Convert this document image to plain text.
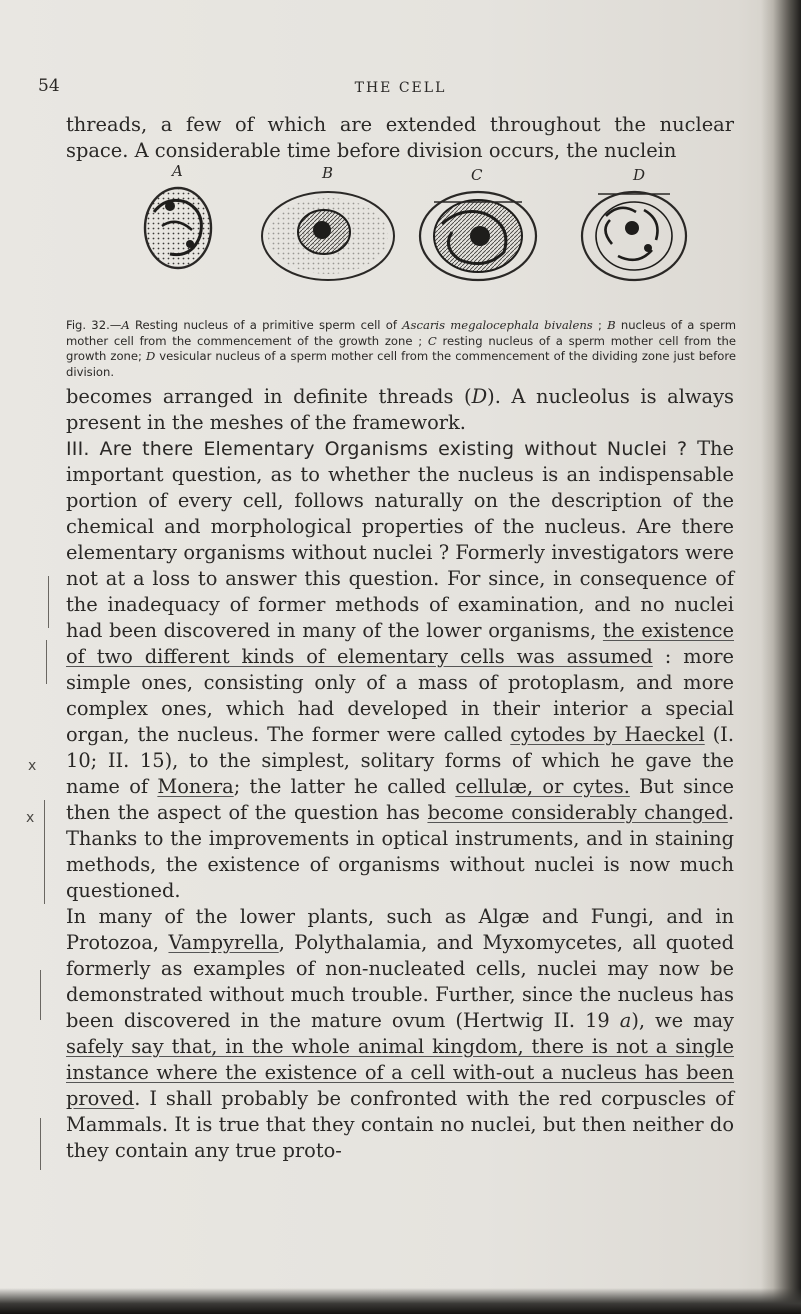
54	THE CELL

threads, a few of which are extended throughout the nuclear space. A considerable time before division occurs, the nuclein

A	B	C	D

Fig. 32.—A Resting nucleus of a primitive sperm cell of Ascaris megalocephala bivalens ; B nucleus of a sperm mother cell from the commencement of the growth zone ; C resting nucleus of a sperm mother cell from the growth zone; D vesicular nucleus of a sperm mother cell from the commencement of the dividing zone just before division.

becomes arranged in definite threads (D). A nucleolus is always present in the meshes of the framework.

III. Are there Elementary Organisms existing without Nuclei ? The important question, as to whether the nucleus is an indispensable portion of every cell, follows naturally on the description of the chemical and morphological properties of the nucleus. Are there elementary organisms without nuclei ? Formerly investigators were not at a loss to answer this question. For since, in consequence of the inadequacy of former methods of examination, and no nuclei had been discovered in many of the lower organisms, the existence of two different kinds of elementary cells was assumed : more simple ones, consisting only of a mass of protoplasm, and more complex ones, which had developed in their interior a special organ, the nucleus. The former were called cytodes by Haeckel (I. 10; II. 15), to the simplest, solitary forms of which he gave the name of Monera; the latter he called cellulæ, or cytes. But since then the aspect of the question has become considerably changed. Thanks to the improvements in optical instruments, and in staining methods, the existence of organisms without nuclei is now much questioned.

In many of the lower plants, such as Algæ and Fungi, and in Protozoa, Vampyrella, Polythalamia, and Myxomycetes, all quoted formerly as examples of non-nucleated cells, nuclei may now be demonstrated without much trouble. Further, since the nucleus has been discovered in the mature ovum (Hertwig II. 19 a), we may safely say that, in the whole animal kingdom, there is not a single instance where the existence of a cell with-out a nucleus has been proved. I shall probably be confronted with the red corpuscles of Mammals. It is true that they contain no nuclei, but then neither do they contain any true proto-

x
x
